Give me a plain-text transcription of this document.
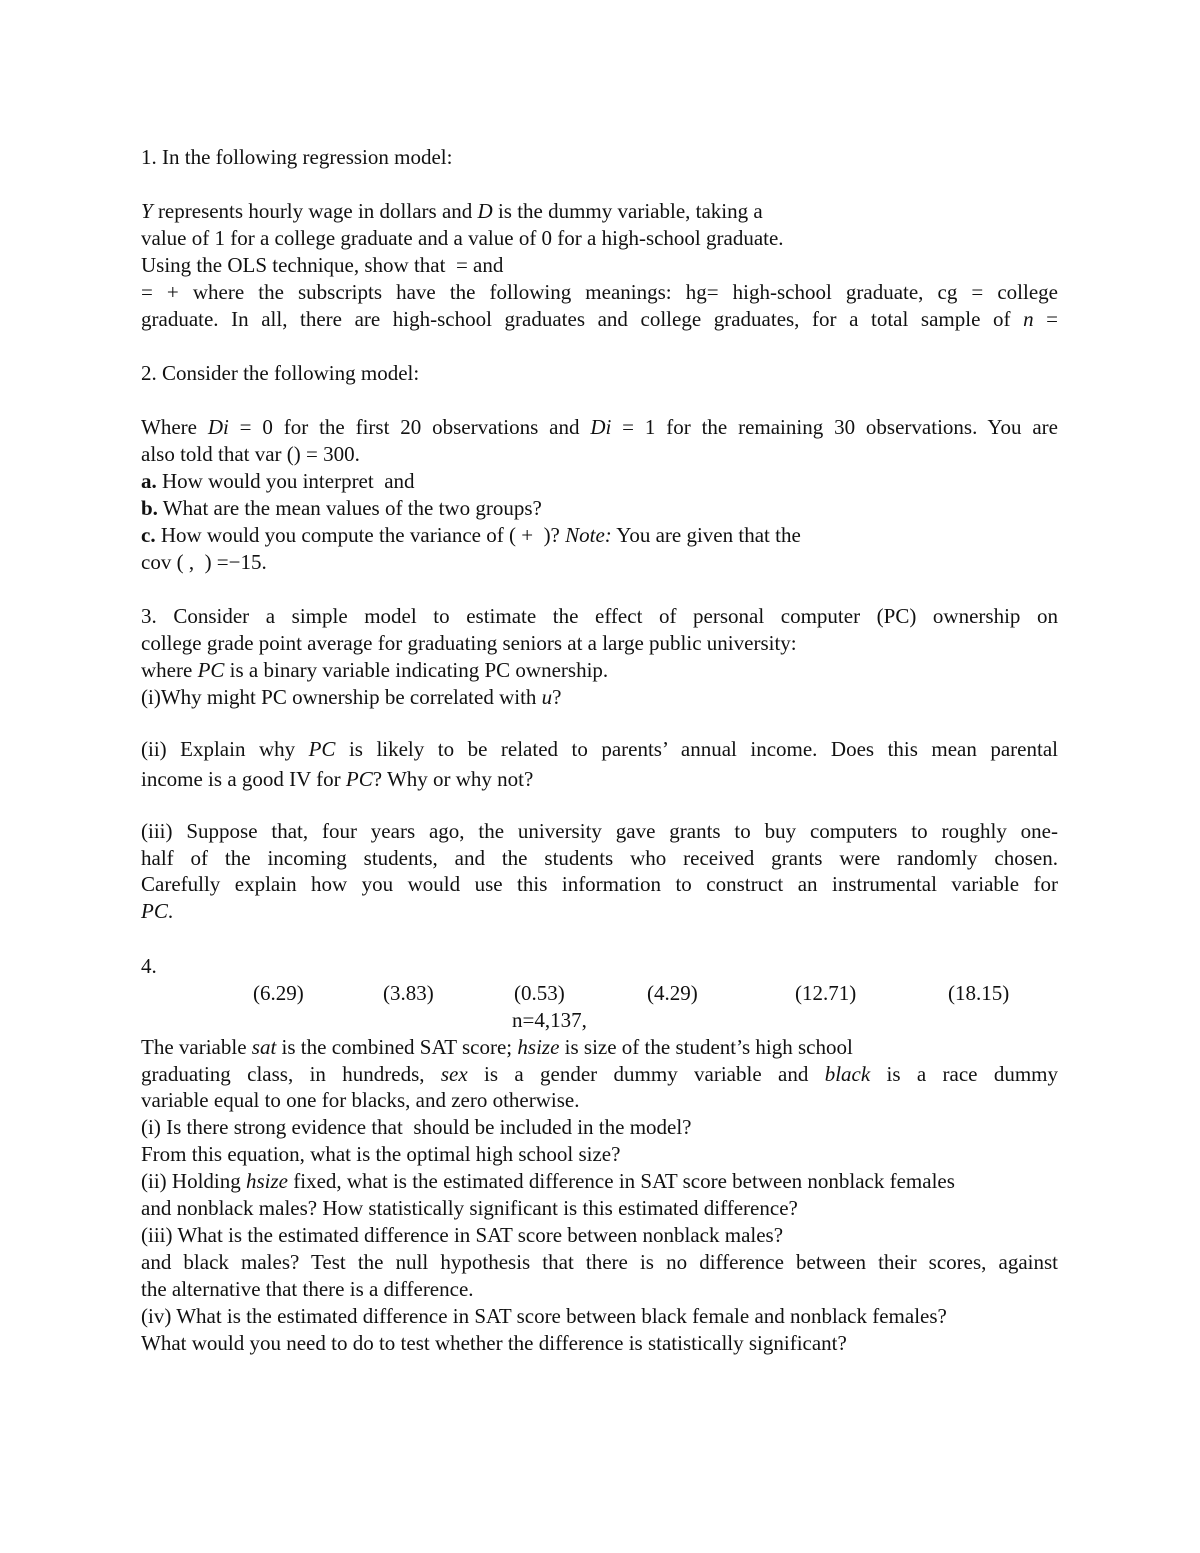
1. In the following regression model:
Y represents hourly wage in dollars and D is the dummy variable, taking a
value of 1 for a college graduate and a value of 0 for a high-school graduate.
Using the OLS technique, show that  = and
= + where the subscripts have the following meanings: hg= high-school graduate, cg = college
graduate. In all, there are high-school graduates and college graduates, for a total sample of n =
2. Consider the following model:
Where Di = 0 for the first 20 observations and Di = 1 for the remaining 30 observations. You are
also told that var () = 300.
a. How would you interpret  and
b. What are the mean values of the two groups?
c. How would you compute the variance of ( +  )? Note: You are given that the
cov ( ,  ) =−15.
3. Consider a simple model to estimate the effect of personal computer (PC) ownership on
college grade point average for graduating seniors at a large public university:
where PC is a binary variable indicating PC ownership.
(i)Why might PC ownership be correlated with u?
(ii) Explain why PC is likely to be related to parents’ annual income. Does this mean parental
income is a good IV for PC? Why or why not?
(iii) Suppose that, four years ago, the university gave grants to buy computers to roughly one-
half of the incoming students, and the students who received grants were randomly chosen.
Carefully explain how you would use this information to construct an instrumental variable for
PC.
4.
(6.29)	(3.83)	(0.53)	(4.29)	(12.71)	(18.15)
n=4,137,
The variable sat is the combined SAT score; hsize is size of the student’s high school
graduating class, in hundreds, sex is a gender dummy variable and black is a race dummy
variable equal to one for blacks, and zero otherwise.
(i) Is there strong evidence that  should be included in the model?
From this equation, what is the optimal high school size?
(ii) Holding hsize fixed, what is the estimated difference in SAT score between nonblack females
and nonblack males? How statistically significant is this estimated difference?
(iii) What is the estimated difference in SAT score between nonblack males?
and black males? Test the null hypothesis that there is no difference between their scores, against
the alternative that there is a difference.
(iv) What is the estimated difference in SAT score between black female and nonblack females?
What would you need to do to test whether the difference is statistically significant?
